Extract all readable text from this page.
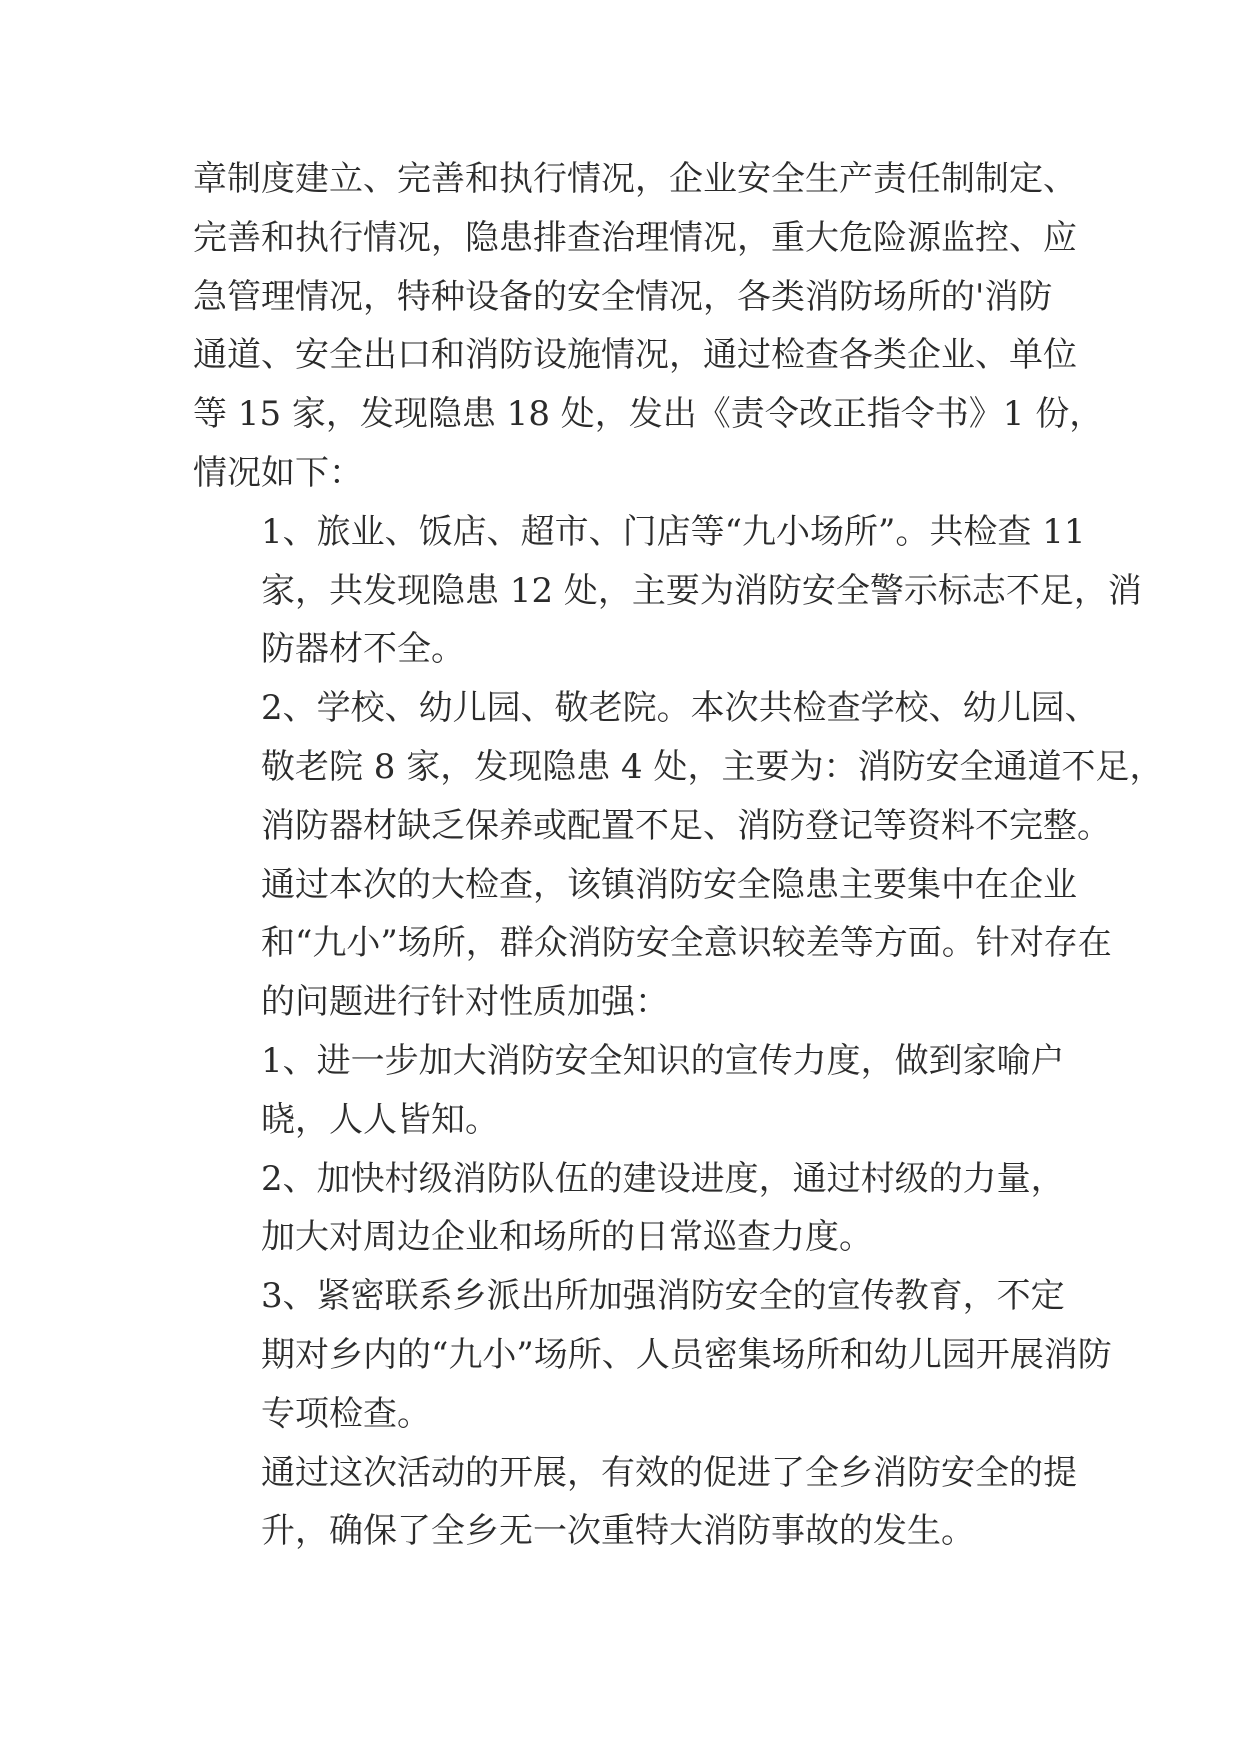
章制度建立、完善和执行情况，企业安全生产责任制制定、
完善和执行情况，隐患排查治理情况，重大危险源监控、应
急管理情况，特种设备的安全情况，各类消防场所的'消防
通道、安全出口和消防设施情况，通过检查各类企业、单位
等 15 家，发现隐患 18 处，发出《责令改正指令书》1 份，
情况如下：

1、旅业、饭店、超市、门店等“九小场所”。共检查 11
家，共发现隐患 12 处，主要为消防安全警示标志不足，消
防器材不全。

2、学校、幼儿园、敬老院。本次共检查学校、幼儿园、
敬老院 8 家，发现隐患 4 处，主要为：消防安全通道不足，
消防器材缺乏保养或配置不足、消防登记等资料不完整。

通过本次的大检查，该镇消防安全隐患主要集中在企业
和“九小”场所，群众消防安全意识较差等方面。针对存在
的问题进行针对性质加强：

1、进一步加大消防安全知识的宣传力度，做到家喻户
晓，人人皆知。

2、加快村级消防队伍的建设进度，通过村级的力量，
加大对周边企业和场所的日常巡查力度。

3、紧密联系乡派出所加强消防安全的宣传教育，不定
期对乡内的“九小”场所、人员密集场所和幼儿园开展消防
专项检查。

通过这次活动的开展，有效的促进了全乡消防安全的提
升，确保了全乡无一次重特大消防事故的发生。
